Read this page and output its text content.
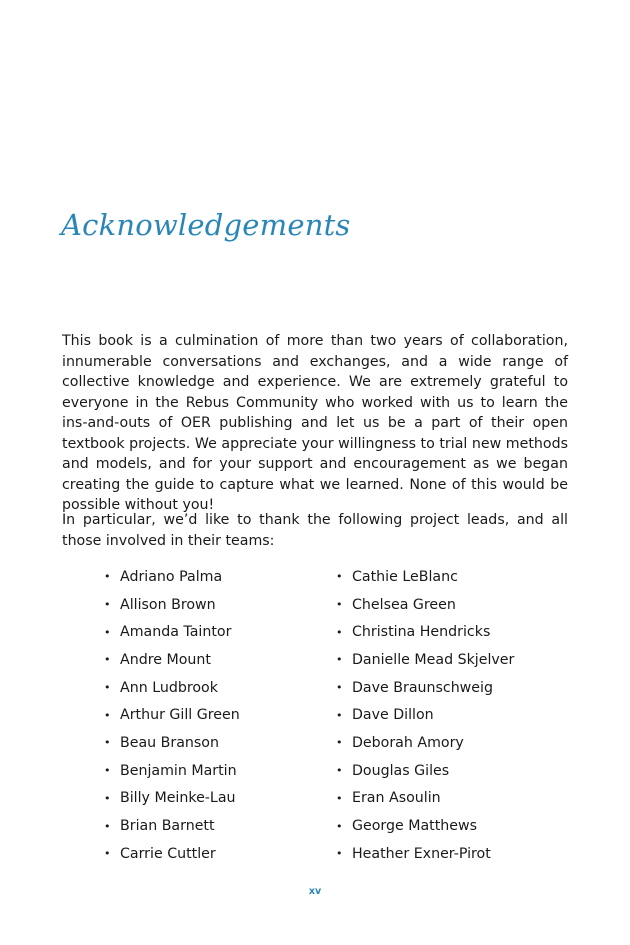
Acknowledgements

This book is a culmination of more than two years of collaboration, innumerable conversations and exchanges, and a wide range of collective knowledge and experience. We are extremely grateful to everyone in the Rebus Community who worked with us to learn the ins-and-outs of OER publishing and let us be a part of their open textbook projects. We appreciate your willingness to trial new methods and models, and for your support and encouragement as we began creating the guide to capture what we learned. None of this would be possible without you!

In particular, we’d like to thank the following project leads, and all those involved in their teams:

• Adriano Palma
• Allison Brown
• Amanda Taintor
• Andre Mount
• Ann Ludbrook
• Arthur Gill Green
• Beau Branson
• Benjamin Martin
• Billy Meinke-Lau
• Brian Barnett
• Carrie Cuttler
• Cathie LeBlanc
• Chelsea Green
• Christina Hendricks
• Danielle Mead Skjelver
• Dave Braunschweig
• Dave Dillon
• Deborah Amory
• Douglas Giles
• Eran Asoulin
• George Matthews
• Heather Exner-Pirot
xv
